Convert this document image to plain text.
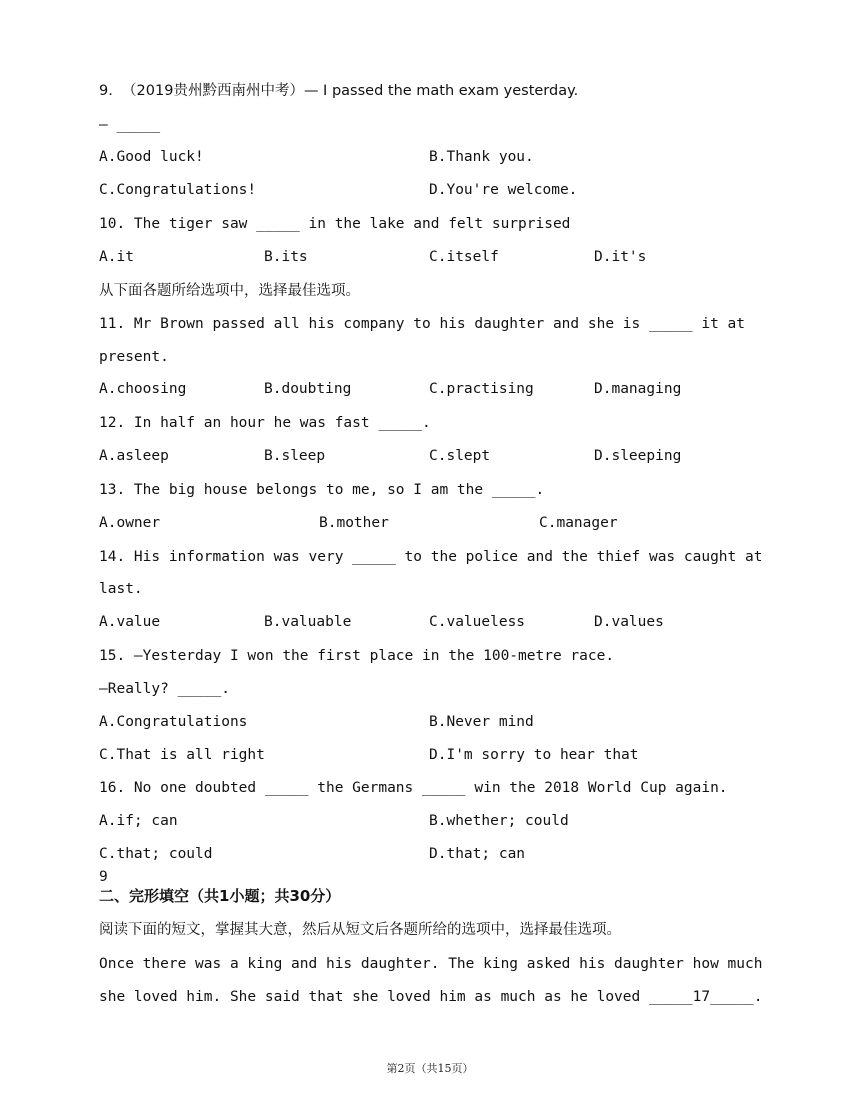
9.  （2019贵州黔西南州中考）— I passed the math exam yesterday.
— _____
A.Good luck!	B.Thank you.
C.Congratulations!	D.You're welcome.
10. The tiger saw _____ in the lake and felt surprised
A.it	B.its	C.itself	D.it's
从下面各题所给选项中，选择最佳选项。
11. Mr Brown passed all his company to his daughter and she is _____ it at
present.
A.choosing	B.doubting	C.practising	D.managing
12. In half an hour he was fast _____.
A.asleep	B.sleep	C.slept	D.sleeping
13. The big house belongs to me, so I am the _____.
A.owner	B.mother	C.manager
14. His information was very _____ to the police and the thief was caught at
last.
A.value	B.valuable	C.valueless	D.values
15. —Yesterday I won the first place in the 100-metre race.
—Really? _____.
A.Congratulations	B.Never mind
C.That is all right	D.I'm sorry to hear that
16. No one doubted _____ the Germans _____ win the 2018 World Cup again.
A.if; can	B.whether; could
C.that; could	D.that; can
9
二、完形填空（共1小题；共30分）
阅读下面的短文，掌握其大意，然后从短文后各题所给的选项中，选择最佳选项。
Once there was a king and his daughter. The king asked his daughter how much
she loved him. She said that she loved him as much as he loved _____17_____.
第2页（共15页）
